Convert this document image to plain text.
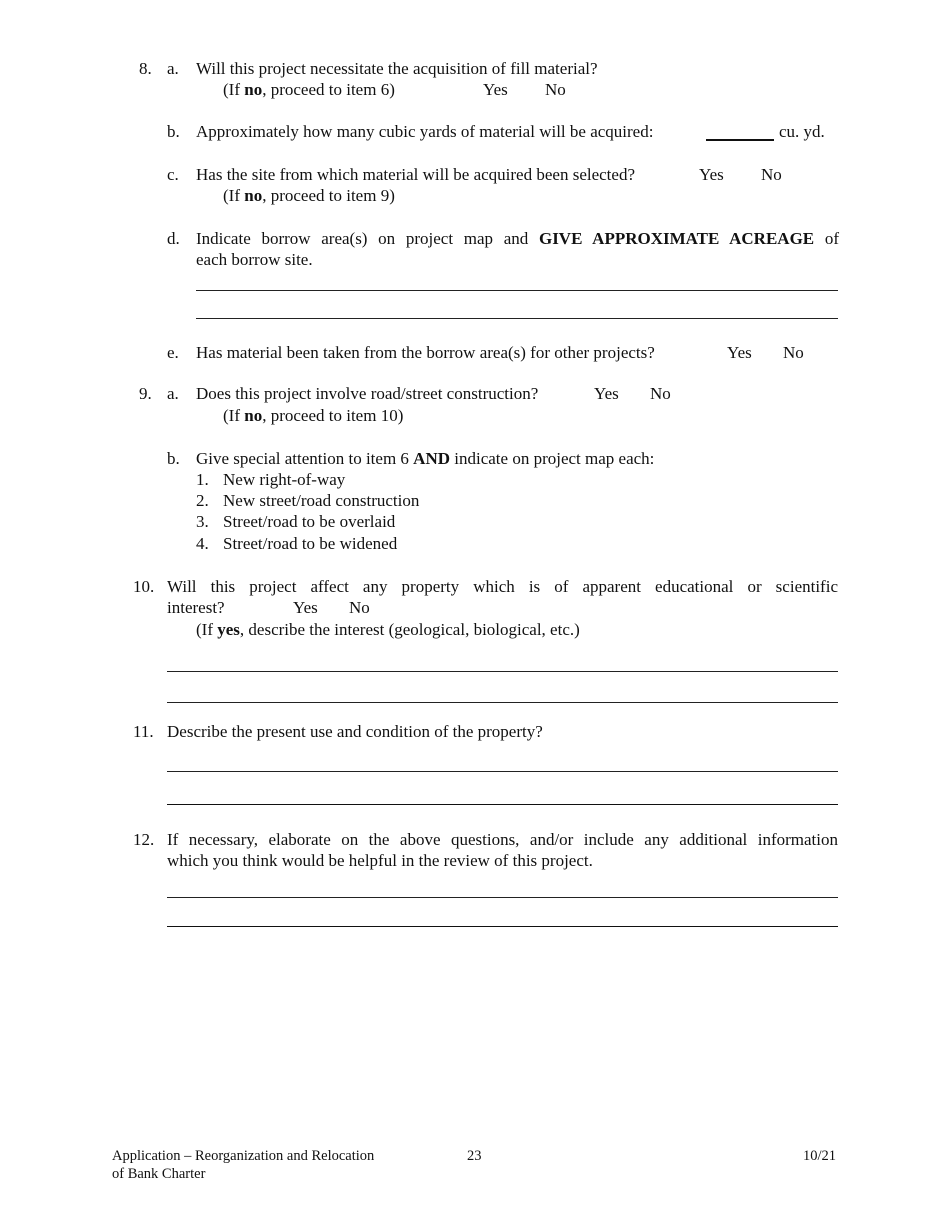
8. a. Will this project necessitate the acquisition of fill material?
(If no, proceed to item 6)	Yes No
b. Approximately how many cubic yards of material will be acquired:	cu. yd.
c. Has the site from which material will be acquired been selected?	Yes No
(If no, proceed to item 9)
d. Indicate borrow area(s) on project map and GIVE APPROXIMATE ACREAGE of
each borrow site.
e. Has material been taken from the borrow area(s) for other projects?	Yes No
9. a. Does this project involve road/street construction?	Yes No
(If no, proceed to item 10)
b. Give special attention to item 6 AND indicate on project map each:
1. New right-of-way
2. New street/road construction
3. Street/road to be overlaid
4. Street/road to be widened
10. Will this project affect any property which is of apparent educational or scientific
interest?	Yes No
(If yes, describe the interest (geological, biological, etc.)
11. Describe the present use and condition of the property?
12. If necessary, elaborate on the above questions, and/or include any additional information
which you think would be helpful in the review of this project.
Application – Reorganization and Relocation
of Bank Charter
23	10/21
